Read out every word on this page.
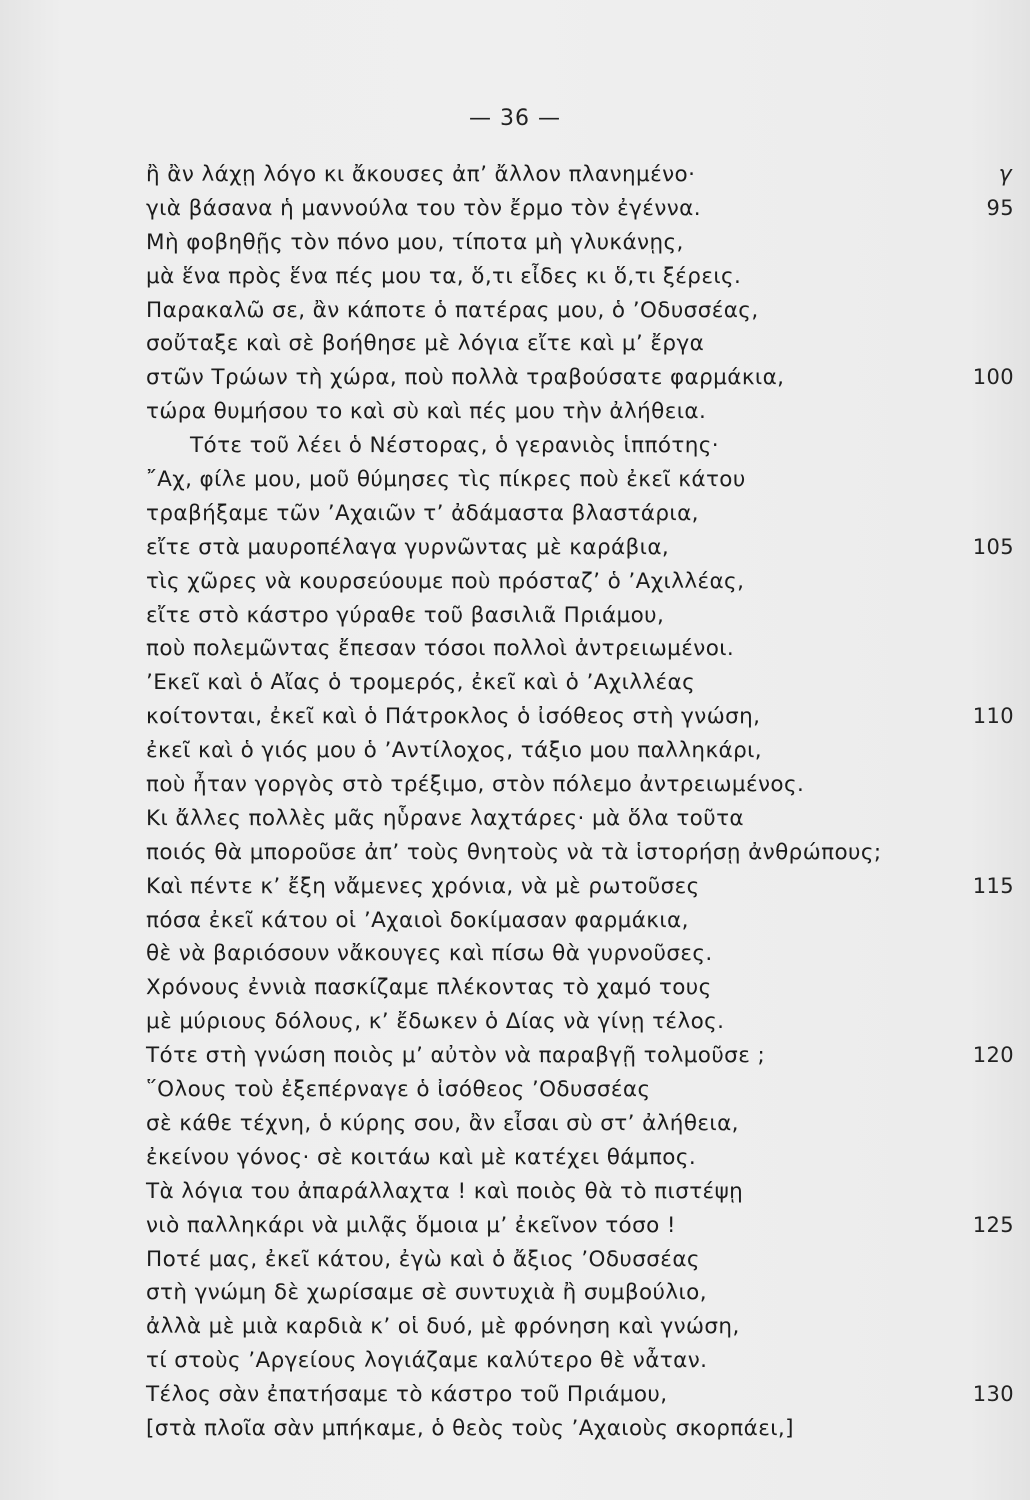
— 36 —
ἢ ἂν λάχῃ λόγο κι ἄκουσες ἀπ’ ἄλλον πλανημένο·	γ
γιὰ βάσανα ἡ μαννούλα του τὸν ἔρμο τὸν ἐγέννα.	95
Μὴ φοβηθῇς τὸν πόνο μου, τίποτα μὴ γλυκάνῃς,
μὰ ἕνα πρὸς ἕνα πές μου τα, ὅ,τι εἶδες κι ὅ,τι ξέρεις.
Παρακαλῶ σε, ἂν κάποτε ὁ πατέρας μου, ὁ ’Οδυσσέας,
σοὔταξε καὶ σὲ βοήθησε μὲ λόγια εἴτε καὶ μ’ ἔργα
στῶν Τρώων τὴ χώρα, ποὺ πολλὰ τραβούσατε φαρμάκια,	100
τώρα θυμήσου το καὶ σὺ καὶ πές μου τὴν ἀλήθεια.
Τότε τοῦ λέει ὁ Νέστορας, ὁ γερανιὸς ἱππότης·
῎Αχ, φίλε μου, μοῦ θύμησες τὶς πίκρες ποὺ ἐκεῖ κάτου
τραβήξαμε τῶν ’Αχαιῶν τ’ ἀδάμαστα βλαστάρια,
εἴτε στὰ μαυροπέλαγα γυρνῶντας μὲ καράβια,	105
τὶς χῶρες νὰ κουρσεύουμε ποὺ πρόσταζ’ ὁ ’Αχιλλέας,
εἴτε στὸ κάστρο γύραθε τοῦ βασιλιᾶ Πριάμου,
ποὺ πολεμῶντας ἔπεσαν τόσοι πολλοὶ ἀντρειωμένοι.
’Εκεῖ καὶ ὁ Αἴας ὁ τρομερός, ἐκεῖ καὶ ὁ ’Αχιλλέας
κοίτονται, ἐκεῖ καὶ ὁ Πάτροκλος ὁ ἰσόθεος στὴ γνώση,	110
ἐκεῖ καὶ ὁ γιός μου ὁ ’Αντίλοχος, τάξιο μου παλληκάρι,
ποὺ ἦταν γοργὸς στὸ τρέξιμο, στὸν πόλεμο ἀντρειωμένος.
Κι ἄλλες πολλὲς μᾶς ηὗρανε λαχτάρες· μὰ ὅλα τοῦτα
ποιός θὰ μποροῦσε ἀπ’ τοὺς θνητοὺς νὰ τὰ ἱστορήσῃ ἀνθρώπους;
Καὶ πέντε κ’ ἔξη νἄμενες χρόνια, νὰ μὲ ρωτοῦσες	115
πόσα ἐκεῖ κάτου οἱ ’Αχαιοὶ δοκίμασαν φαρμάκια,
θὲ νὰ βαριόσουν νἄκουγες καὶ πίσω θὰ γυρνοῦσες.
Χρόνους ἐννιὰ πασκίζαμε πλέκοντας τὸ χαμό τους
μὲ μύριους δόλους, κ’ ἔδωκεν ὁ Δίας νὰ γίνῃ τέλος.
Τότε στὴ γνώση ποιὸς μ’ αὐτὸν νὰ παραβγῇ τολμοῦσε ;	120
῞Ολους τοὺ ἐξεπέρναγε ὁ ἰσόθεος ’Οδυσσέας
σὲ κάθε τέχνη, ὁ κύρης σου, ἂν εἶσαι σὺ στ’ ἀλήθεια,
ἐκείνου γόνος· σὲ κοιτάω καὶ μὲ κατέχει θάμπος.
Τὰ λόγια του ἀπαράλλαχτα ! καὶ ποιὸς θὰ τὸ πιστέψῃ
νιὸ παλληκάρι νὰ μιλᾷς ὅμοια μ’ ἐκεῖνον τόσο !	125
Ποτέ μας, ἐκεῖ κάτου, ἐγὼ καὶ ὁ ἄξιος ’Οδυσσέας
στὴ γνώμη δὲ χωρίσαμε σὲ συντυχιὰ ἢ συμβούλιο,
ἀλλὰ μὲ μιὰ καρδιὰ κ’ οἱ δυό, μὲ φρόνηση καὶ γνώση,
τί στοὺς ’Αργείους λογιάζαμε καλύτερο θὲ νἆταν.
Τέλος σὰν ἐπατήσαμε τὸ κάστρο τοῦ Πριάμου,	130
[στὰ πλοῖα σὰν μπήκαμε, ὁ θεὸς τοὺς ’Αχαιοὺς σκορπάει,]
